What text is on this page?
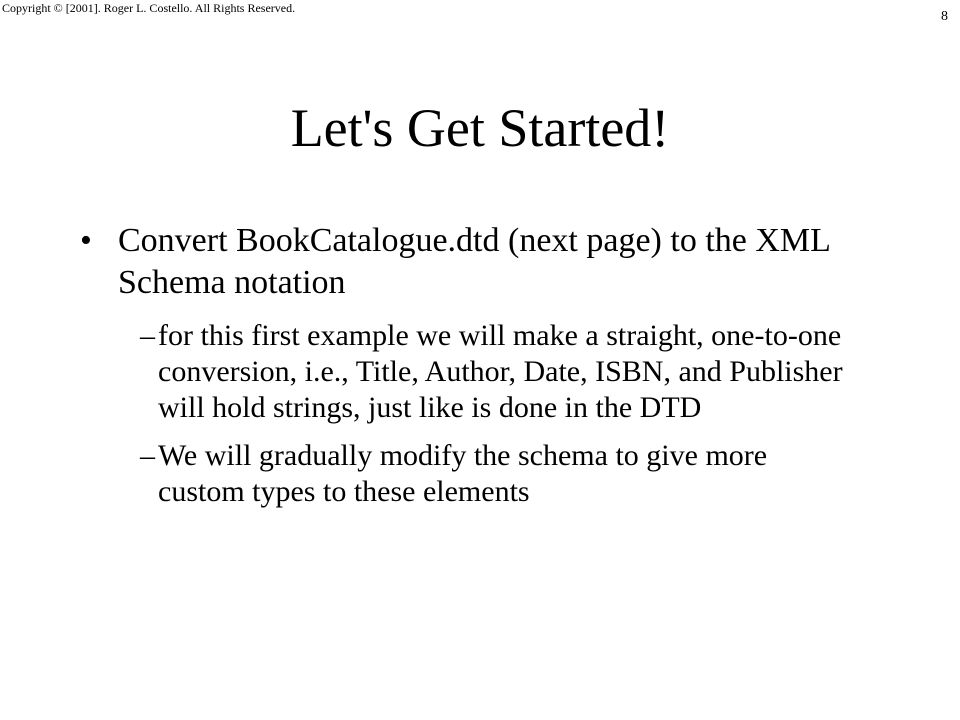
Copyright © [2001]. Roger L. Costello. All Rights Reserved.
8
Let's Get Started!
• Convert BookCatalogue.dtd (next page) to the XML Schema notation
– for this first example we will make a straight, one-to-one conversion, i.e., Title, Author, Date, ISBN, and Publisher will hold strings, just like is done in the DTD
– We will gradually modify the schema to give more custom types to these elements
